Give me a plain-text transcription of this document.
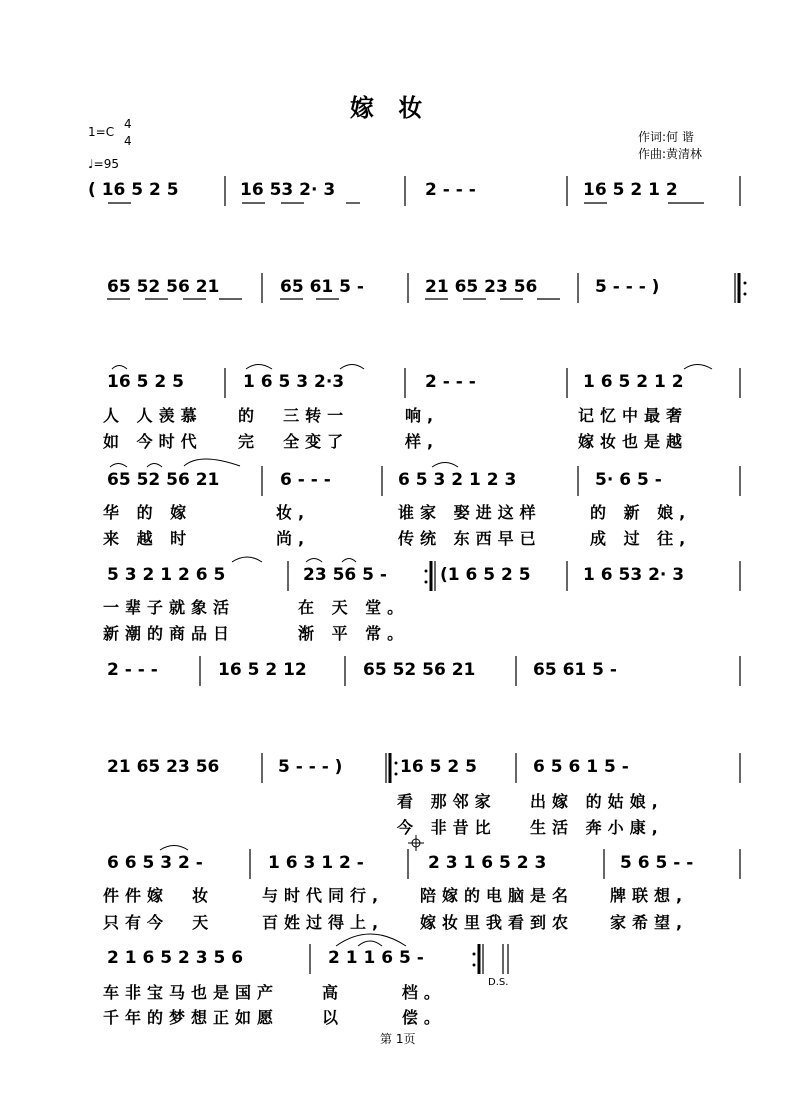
嫁 妆
1=C
4
4
♩=95
作词:何 谐
作曲:黄清林
( 16 5 2 5	16 53 2· 3	2 - - -	16 5 2 1 2
65 52 56 21	65 61 5 -	21 65 23 56	5 - - - )
16 5 2 5	1 6 5 3 2·3	2 - - -	1 6 5 2 1 2
人 人羡慕 的  三转一	响,	记忆中最奢
如 今时代 完  全变了	样,	嫁妆也是越
65 52 56 21	6 - - -	6 5 3 2 1 2 3	5· 6 5 -
华 的 嫁	妆,	谁家 娶进这样	的 新 娘,
来 越 时	尚,	传统 东西早已	成 过 往,
5 3 2 1 2 6 5	23 56 5 -	(1 6 5 2 5	1 6 53 2· 3
一辈子就象活	在 天 堂。
新潮的商品日	渐 平 常。
2 - - -	16 5 2 12	65 52 56 21	65 61 5 -
21 65 23 56	5 - - - )	16 5 2 5	6 5 6 1 5 -
看 那邻家 出嫁 的姑娘,
今 非昔比 生活 奔小康,
6 6 5 3 2 -	1 6 3 1 2 -	2 3 1 6 5 2 3	5 6 5 - -
件件嫁  妆	与时代同行, 陪嫁的电脑是名 牌联想,
只有今  天	百姓过得上, 嫁妆里我看到农 家希望,
2 1 6 5 2 3 5 6	2 1 1 6 5 -
车非宝马也是国产	高     档。
千年的梦想正如愿	以     偿。
D.S.
第 1页
